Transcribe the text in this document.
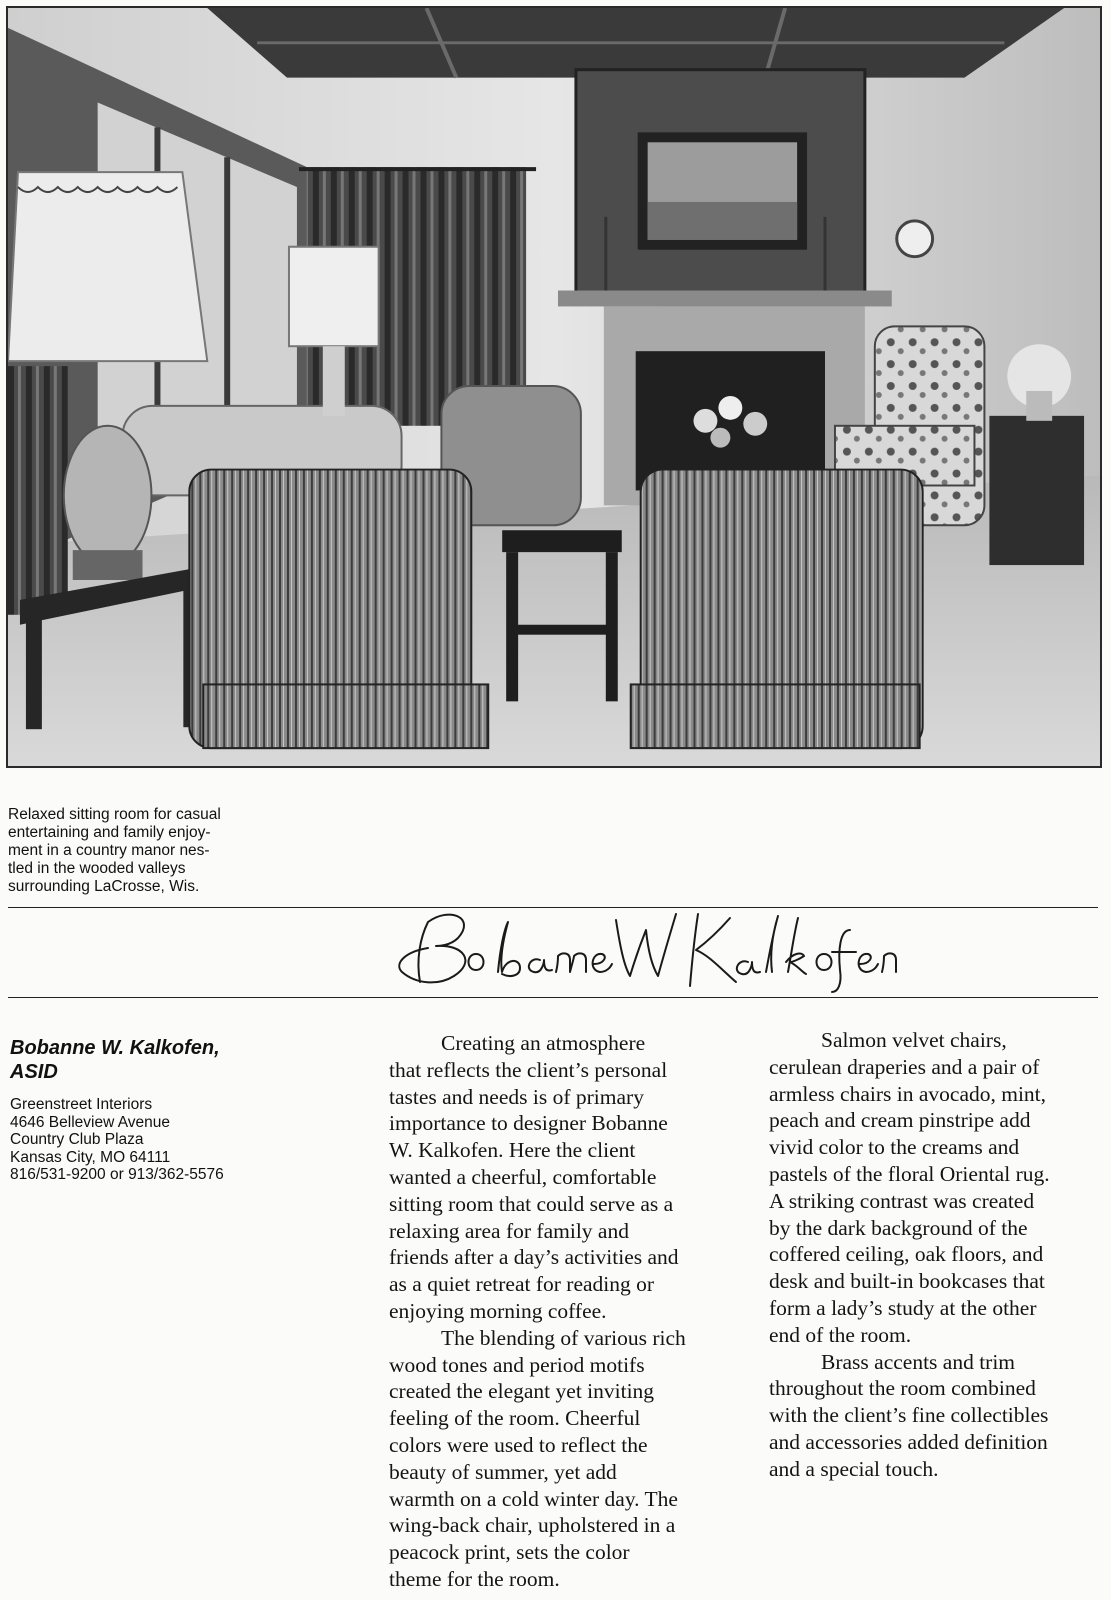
Relaxed sitting room for casual
entertaining and family enjoy-
ment in a country manor nes-
tled in the wooded valleys
surrounding LaCrosse, Wis.

Bobanne W. Kalkofen,
ASID
Greenstreet Interiors
4646 Belleview Avenue
Country Club Plaza
Kansas City, MO 64111
816/531-9200 or 913/362-5576
Creating an atmosphere
that reflects the client’s personal
tastes and needs is of primary
importance to designer Bobanne
W. Kalkofen. Here the client
wanted a cheerful, comfortable
sitting room that could serve as a
relaxing area for family and
friends after a day’s activities and
as a quiet retreat for reading or
enjoying morning coffee.
The blending of various rich
wood tones and period motifs
created the elegant yet inviting
feeling of the room. Cheerful
colors were used to reflect the
beauty of summer, yet add
warmth on a cold winter day. The
wing-back chair, upholstered in a
peacock print, sets the color
theme for the room.
Salmon velvet chairs,
cerulean draperies and a pair of
armless chairs in avocado, mint,
peach and cream pinstripe add
vivid color to the creams and
pastels of the floral Oriental rug.
A striking contrast was created
by the dark background of the
coffered ceiling, oak floors, and
desk and built-in bookcases that
form a lady’s study at the other
end of the room.
Brass accents and trim
throughout the room combined
with the client’s fine collectibles
and accessories added definition
and a special touch.
